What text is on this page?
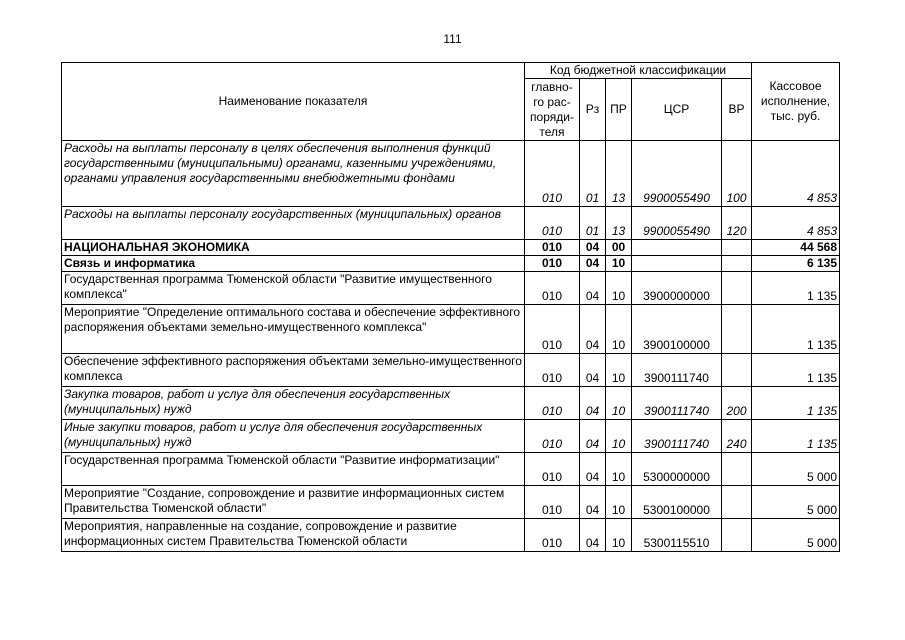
111
Наименование показателя	Код бюджетной классификации					Кассовое исполнение, тыс. руб.
	главно-го рас-поряди-теля	Рз	ПР	ЦСР	ВР	
Расходы на выплаты персоналу в целях обеспечения выполнения функций государственными (муниципальными) органами, казенными учреждениями, органами управления государственными внебюджетными фондами	010	01	13	9900055490	100	4 853
Расходы на выплаты персоналу государственных (муниципальных) органов	010	01	13	9900055490	120	4 853
НАЦИОНАЛЬНАЯ ЭКОНОМИКА	010	04	00			44 568
Связь и информатика	010	04	10			6 135
Государственная программа Тюменской области "Развитие имущественного комплекса"	010	04	10	3900000000		1 135
Мероприятие "Определение оптимального состава и обеспечение эффективного распоряжения объектами земельно-имущественного комплекса"	010	04	10	3900100000		1 135
Обеспечение эффективного распоряжения объектами земельно-имущественного комплекса	010	04	10	3900111740		1 135
Закупка товаров, работ и услуг для обеспечения государственных (муниципальных) нужд	010	04	10	3900111740	200	1 135
Иные закупки товаров, работ и услуг для обеспечения государственных (муниципальных) нужд	010	04	10	3900111740	240	1 135
Государственная программа Тюменской области "Развитие информатизации"	010	04	10	5300000000		5 000
Мероприятие "Создание, сопровождение и развитие информационных систем Правительства Тюменской области"	010	04	10	5300100000		5 000
Мероприятия, направленные на создание, сопровождение и развитие информационных систем Правительства Тюменской области	010	04	10	5300115510		5 000
